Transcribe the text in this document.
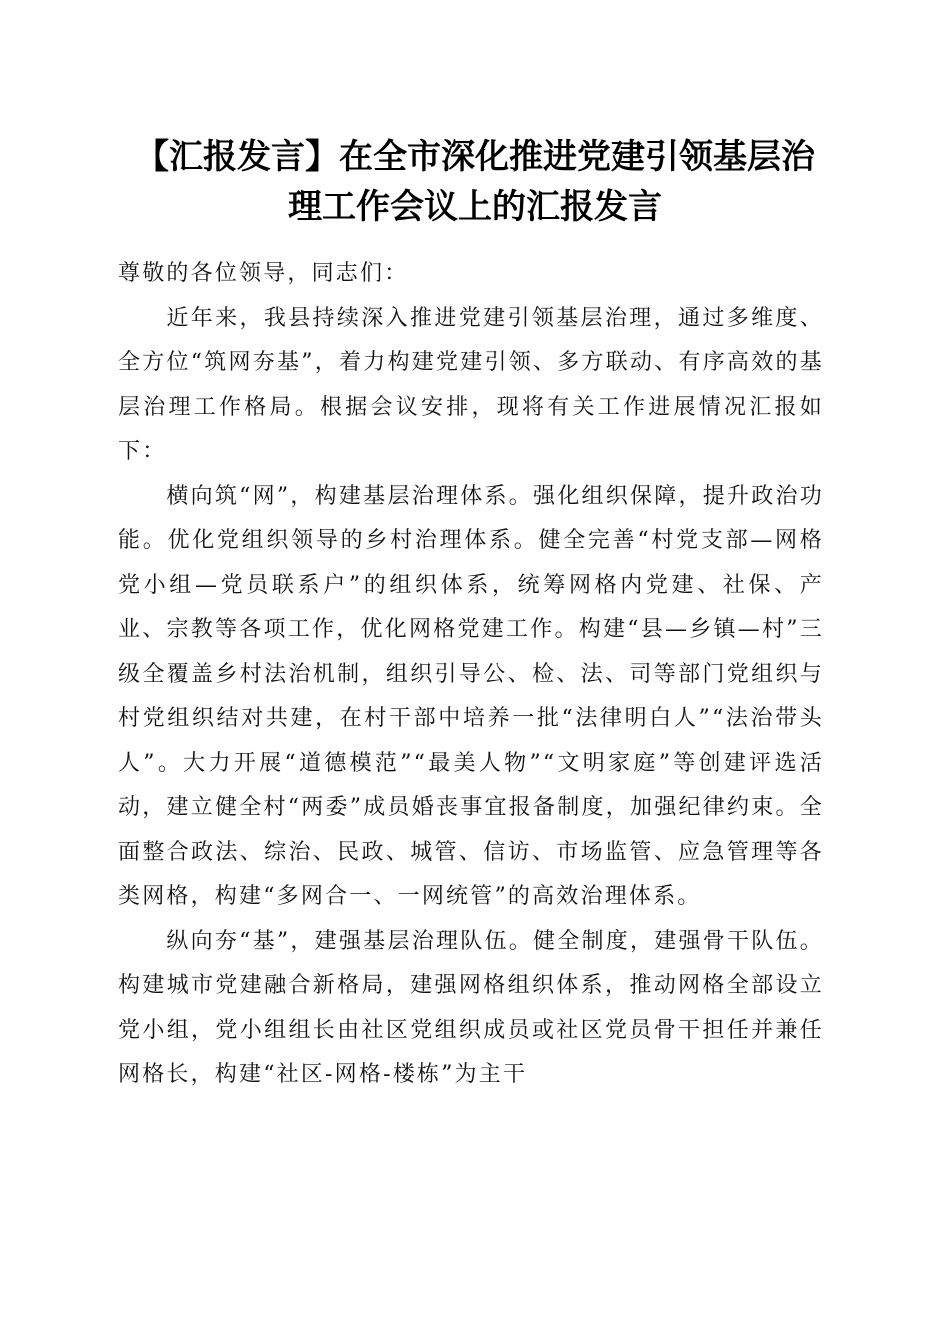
【汇报发言】在全市深化推进党建引领基层治
理工作会议上的汇报发言

尊敬的各位领导，同志们：

近年来，我县持续深入推进党建引领基层治理，通过多维度、全方位“筑网夯基”，着力构建党建引领、多方联动、有序高效的基层治理工作格局。根据会议安排，现将有关工作进展情况汇报如下：

横向筑“网”，构建基层治理体系。强化组织保障，提升政治功能。优化党组织领导的乡村治理体系。健全完善“村党支部—网格党小组—党员联系户”的组织体系，统筹网格内党建、社保、产业、宗教等各项工作，优化网格党建工作。构建“县—乡镇—村”三级全覆盖乡村法治机制，组织引导公、检、法、司等部门党组织与村党组织结对共建，在村干部中培养一批“法律明白人”“法治带头人”。大力开展“道德模范”“最美人物”“文明家庭”等创建评选活动，建立健全村“两委”成员婚丧事宜报备制度，加强纪律约束。全面整合政法、综治、民政、城管、信访、市场监管、应急管理等各类网格，构建“多网合一、一网统管”的高效治理体系。

纵向夯“基”，建强基层治理队伍。健全制度，建强骨干队伍。构建城市党建融合新格局，建强网格组织体系，推动网格全部设立党小组，党小组组长由社区党组织成员或社区党员骨干担任并兼任网格长，构建“社区-网格-楼栋”为主干
